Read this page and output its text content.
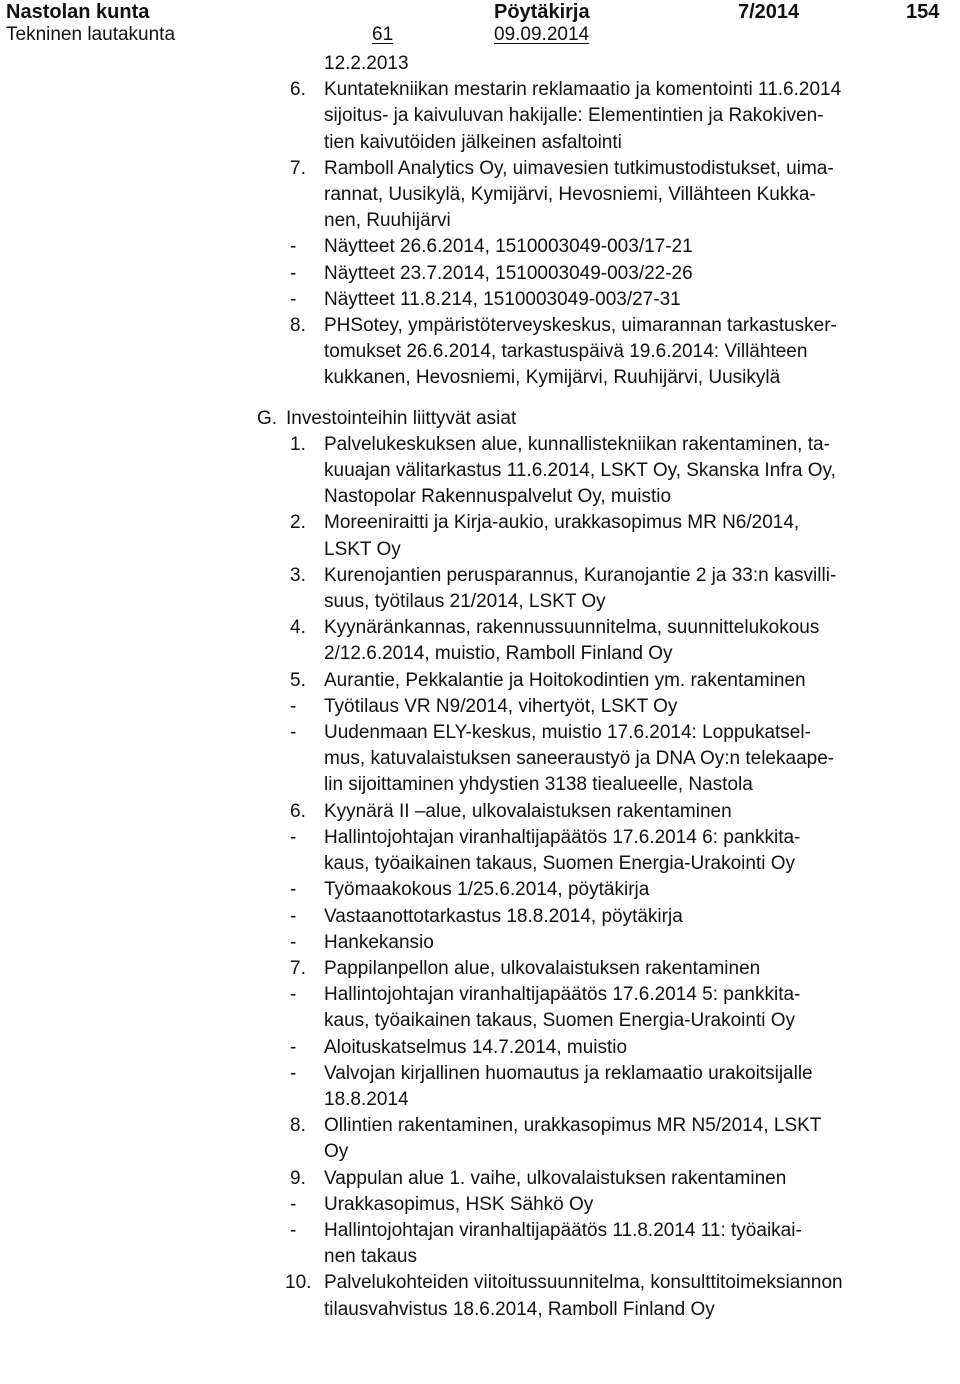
Nastolan kunta	Pöytäkirja	7/2014	154
Tekninen lautakunta	61	09.09.2014
12.2.2013
6. Kuntatekniikan mestarin reklamaatio ja komentointi 11.6.2014
sijoitus- ja kaivuluvan hakijalle: Elementintien ja Rakokiven-
tien kaivutöiden jälkeinen asfaltointi
7. Ramboll Analytics Oy, uimavesien tutkimustodistukset, uima-
rannat, Uusikylä, Kymijärvi, Hevosniemi, Villähteen Kukka-
nen, Ruuhijärvi
- Näytteet 26.6.2014, 1510003049-003/17-21
- Näytteet 23.7.2014, 1510003049-003/22-26
- Näytteet 11.8.214, 1510003049-003/27-31
8. PHSotey, ympäristöterveyskeskus, uimarannan tarkastusker-
tomukset 26.6.2014, tarkastuspäivä 19.6.2014: Villähteen
kukkanen, Hevosniemi, Kymijärvi, Ruuhijärvi, Uusikylä
G. Investointeihin liittyvät asiat
1. Palvelukeskuksen alue, kunnallistekniikan rakentaminen, ta-
kuuajan välitarkastus 11.6.2014, LSKT Oy, Skanska Infra Oy,
Nastopolar Rakennuspalvelut Oy, muistio
2. Moreeniraitti ja Kirja-aukio, urakkasopimus MR N6/2014,
LSKT Oy
3. Kurenojantien perusparannus, Kuranojantie 2 ja 33:n kasvilli-
suus, työtilaus 21/2014, LSKT Oy
4. Kyynäränkannas, rakennussuunnitelma, suunnittelukokous
2/12.6.2014, muistio, Ramboll Finland Oy
5. Aurantie, Pekkalantie ja Hoitokodintien ym. rakentaminen
- Työtilaus VR N9/2014, vihertyöt, LSKT Oy
- Uudenmaan ELY-keskus, muistio 17.6.2014: Loppukatsel-
mus, katuvalaistuksen saneeraustyö ja DNA Oy:n telekaape-
lin sijoittaminen yhdystien 3138 tiealueelle, Nastola
6. Kyynärä II –alue, ulkovalaistuksen rakentaminen
- Hallintojohtajan viranhaltijapäätös 17.6.2014 6: pankkita-
kaus, työaikainen takaus, Suomen Energia-Urakointi Oy
- Työmaakokous 1/25.6.2014, pöytäkirja
- Vastaanottotarkastus 18.8.2014, pöytäkirja
- Hankekansio
7. Pappilanpellon alue, ulkovalaistuksen rakentaminen
- Hallintojohtajan viranhaltijapäätös 17.6.2014 5: pankkita-
kaus, työaikainen takaus, Suomen Energia-Urakointi Oy
- Aloituskatselmus 14.7.2014, muistio
- Valvojan kirjallinen huomautus ja reklamaatio urakoitsijalle
18.8.2014
8. Ollintien rakentaminen, urakkasopimus MR N5/2014, LSKT
Oy
9. Vappulan alue 1. vaihe, ulkovalaistuksen rakentaminen
- Urakkasopimus, HSK Sähkö Oy
- Hallintojohtajan viranhaltijapäätös 11.8.2014 11: työaikai-
nen takaus
10. Palvelukohteiden viitoitussuunnitelma, konsulttitoimeksiannon
tilausvahvistus 18.6.2014, Ramboll Finland Oy
